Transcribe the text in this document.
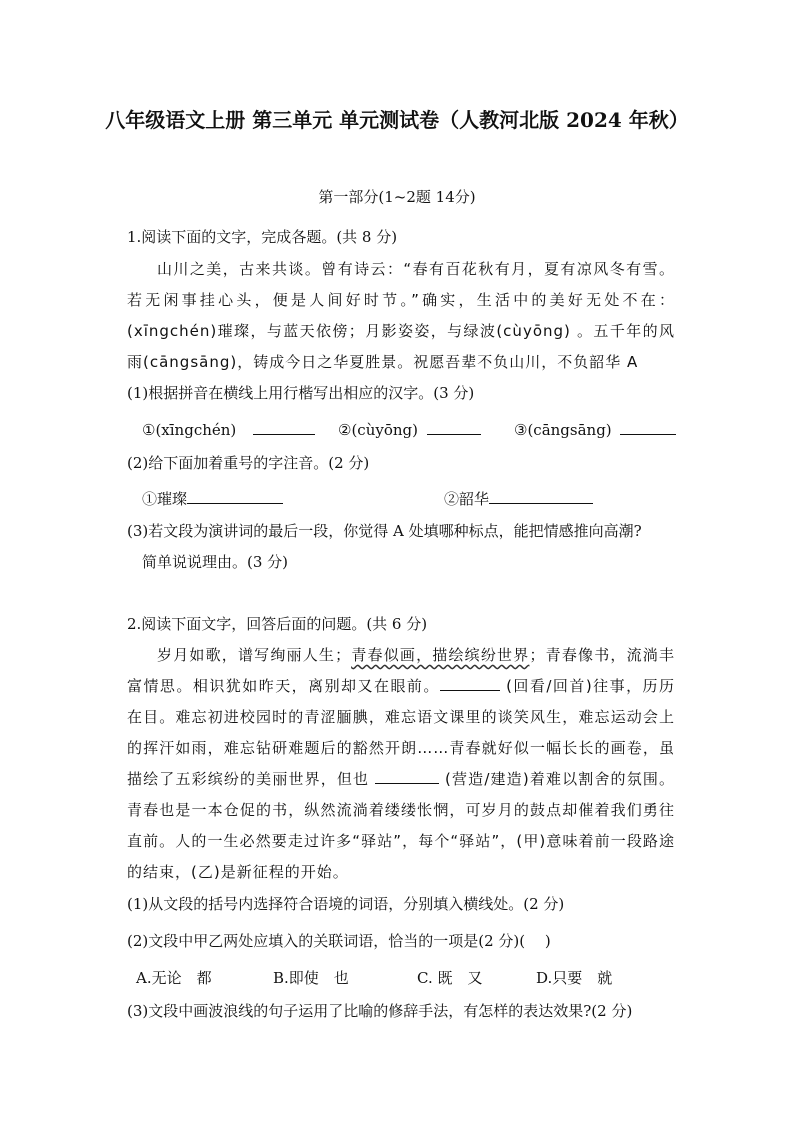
八年级语文上册 第三单元 单元测试卷（人教河北版 2024 年秋）
第一部分(1~2题 14分)
1.阅读下面的文字，完成各题。(共 8 分)
山川之美，古来共谈。曾有诗云：“春有百花秋有月，夏有凉风冬有雪。若无闲事挂心头，便是人间好时节。”确实，生活中的美好无处不在：(xīngchén)璀璨，与蓝天依傍；月影姿姿，与绿波(cùyōng) 。五千年的风雨(cāngsāng)，铸成今日之华夏胜景。祝愿吾辈不负山川，不负韶华 A
(1)根据拼音在横线上用行楷写出相应的汉字。(3 分)
①(xīngchén)	②(cùyōng)	③(cāngsāng)
(2)给下面加着重号的字注音。(2 分)
①璀璨	②韶华
(3)若文段为演讲词的最后一段，你觉得 A 处填哪种标点，能把情感推向高潮?
简单说说理由。(3 分)
2.阅读下面文字，回答后面的问题。(共 6 分)
岁月如歌，谱写绚丽人生；青春似画，描绘缤纷世界；青春像书，流淌丰富情思。相识犹如昨天，离别却又在眼前。	(回看/回首)往事，历历在目。难忘初进校园时的青涩腼腆，难忘语文课里的谈笑风生，难忘运动会上的挥汗如雨，难忘钻研难题后的豁然开朗……青春就好似一幅长长的画卷，虽描绘了五彩缤纷的美丽世界，但也	(营造/建造)着难以割舍的氛围。青春也是一本仓促的书，纵然流淌着缕缕怅惘，可岁月的鼓点却催着我们勇往直前。人的一生必然要走过许多“驿站”，每个“驿站”，(甲)意味着前一段路途的结束，(乙)是新征程的开始。
(1)从文段的括号内选择符合语境的词语，分别填入横线处。(2 分)
(2)文段中甲乙两处应填入的关联词语，恰当的一项是(2 分)(　 )
A.无论　都	B.即使　也	C. 既　又	D.只要　就
(3)文段中画波浪线的句子运用了比喻的修辞手法，有怎样的表达效果?(2 分)
